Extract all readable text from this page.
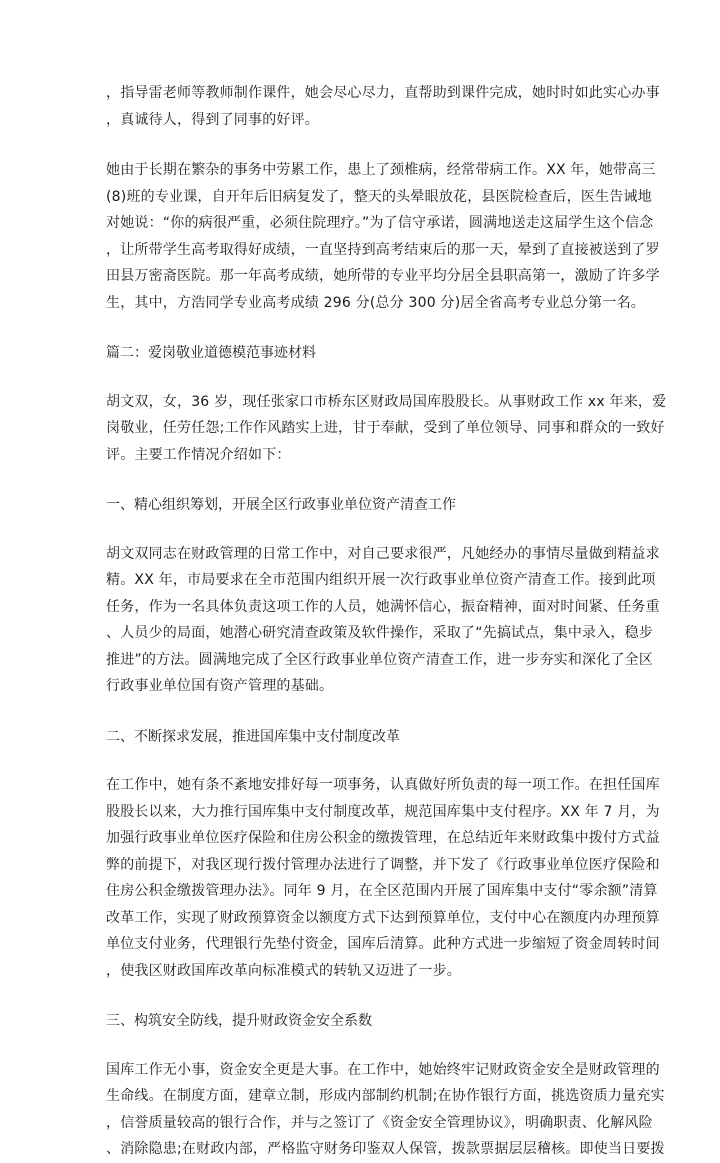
，指导雷老师等教师制作课件，她会尽心尽力，直帮助到课件完成，她时时如此实心办事
，真诚待人，得到了同事的好评。
她由于长期在繁杂的事务中劳累工作，患上了颈椎病，经常带病工作。XX 年，她带高三
(8)班的专业课，自开年后旧病复发了，整天的头晕眼放花，县医院检查后，医生告诫地
对她说：“你的病很严重，必须住院理疗。”为了信守承诺，圆满地送走这届学生这个信念
，让所带学生高考取得好成绩，一直坚持到高考结束后的那一天，晕到了直接被送到了罗
田县万密斋医院。那一年高考成绩，她所带的专业平均分居全县职高第一，激励了许多学
生，其中，方浩同学专业高考成绩 296 分(总分 300 分)居全省高考专业总分第一名。
篇二：爱岗敬业道德模范事迹材料
胡文双，女，36 岁，现任张家口市桥东区财政局国库股股长。从事财政工作 xx 年来，爱
岗敬业，任劳任怨;工作作风踏实上进，甘于奉献，受到了单位领导、同事和群众的一致好
评。主要工作情况介绍如下：
一、精心组织筹划，开展全区行政事业单位资产清查工作
胡文双同志在财政管理的日常工作中，对自己要求很严，凡她经办的事情尽量做到精益求
精。XX 年，市局要求在全市范围内组织开展一次行政事业单位资产清查工作。接到此项
任务，作为一名具体负责这项工作的人员，她满怀信心，振奋精神，面对时间紧、任务重
、人员少的局面，她潜心研究清查政策及软件操作，采取了“先搞试点，集中录入，稳步
推进”的方法。圆满地完成了全区行政事业单位资产清查工作，进一步夯实和深化了全区
行政事业单位国有资产管理的基础。
二、不断探求发展，推进国库集中支付制度改革
在工作中，她有条不紊地安排好每一项事务，认真做好所负责的每一项工作。在担任国库
股股长以来，大力推行国库集中支付制度改革，规范国库集中支付程序。XX 年 7 月，为
加强行政事业单位医疗保险和住房公积金的缴拨管理，在总结近年来财政集中拨付方式益
弊的前提下，对我区现行拨付管理办法进行了调整，并下发了《行政事业单位医疗保险和
住房公积金缴拨管理办法》。同年 9 月，在全区范围内开展了国库集中支付“零余额”清算
改革工作，实现了财政预算资金以额度方式下达到预算单位，支付中心在额度内办理预算
单位支付业务，代理银行先垫付资金，国库后清算。此种方式进一步缩短了资金周转时间
，使我区财政国库改革向标准模式的转轨又迈进了一步。
三、构筑安全防线，提升财政资金安全系数
国库工作无小事，资金安全更是大事。在工作中，她始终牢记财政资金安全是财政管理的
生命线。在制度方面，建章立制，形成内部制约机制;在协作银行方面，挑选资质力量充实
，信誉质量较高的银行合作，并与之签订了《资金安全管理协议》，明确职责、化解风险
、消除隐患;在财政内部，严格监守财务印鉴双人保管，拨款票据层层稽核。即使当日要拨
